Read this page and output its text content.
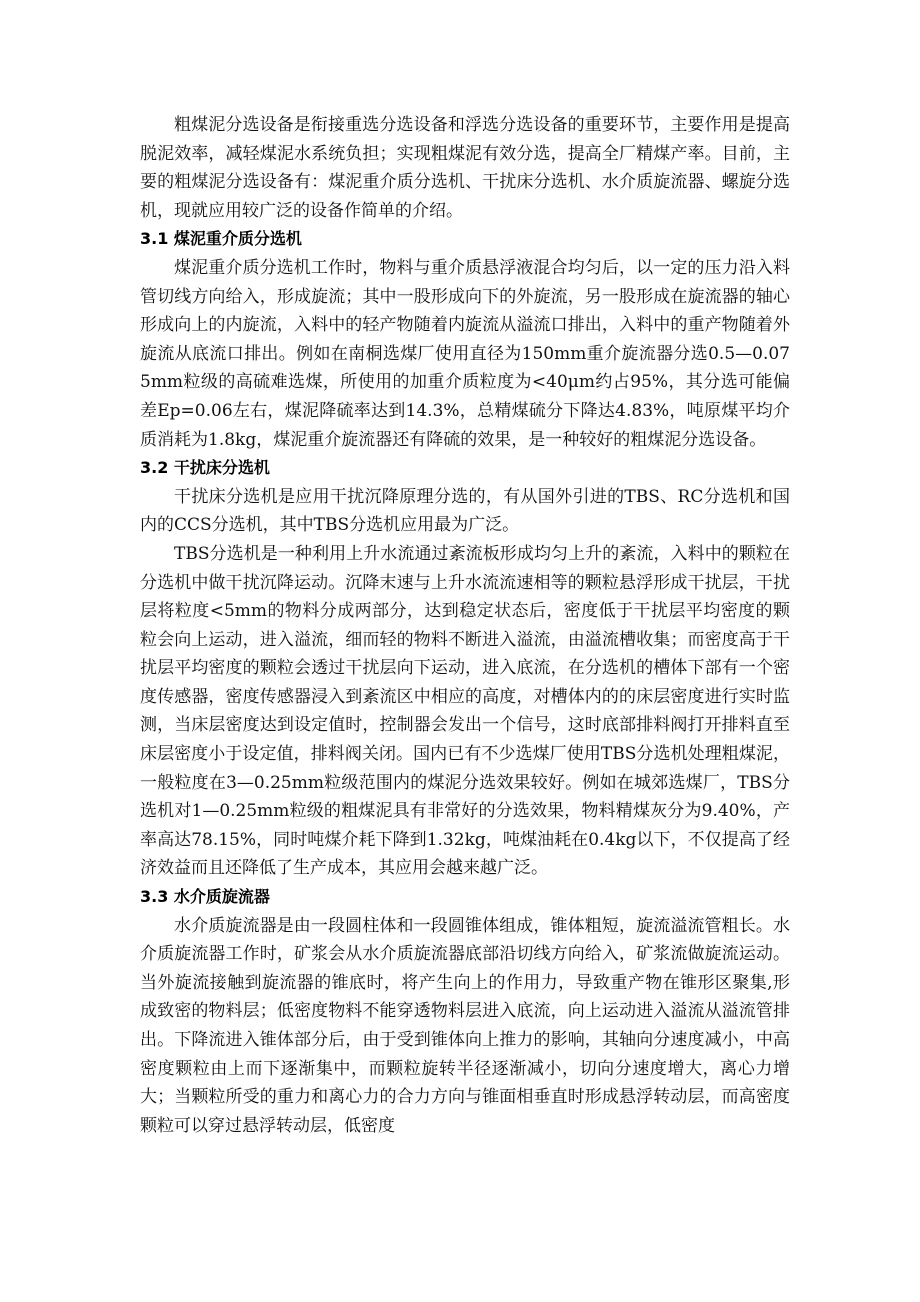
粗煤泥分选设备是衔接重选分选设备和浮选分选设备的重要环节，主要作用是提高脱泥效率，减轻煤泥水系统负担；实现粗煤泥有效分选，提高全厂精煤产率。目前，主要的粗煤泥分选设备有：煤泥重介质分选机、干扰床分选机、水介质旋流器、螺旋分选机，现就应用较广泛的设备作简单的介绍。

3.1 煤泥重介质分选机

煤泥重介质分选机工作时，物料与重介质悬浮液混合均匀后，以一定的压力沿入料管切线方向给入，形成旋流；其中一股形成向下的外旋流，另一股形成在旋流器的轴心形成向上的内旋流，入料中的轻产物随着内旋流从溢流口排出，入料中的重产物随着外旋流从底流口排出。例如在南桐选煤厂使用直径为150mm重介旋流器分选0.5—0.075mm粒级的高硫难选煤，所使用的加重介质粒度为<40μm约占95%，其分选可能偏差Ep=0.06左右，煤泥降硫率达到14.3%，总精煤硫分下降达4.83%，吨原煤平均介质消耗为1.8kg，煤泥重介旋流器还有降硫的效果，是一种较好的粗煤泥分选设备。

3.2 干扰床分选机

干扰床分选机是应用干扰沉降原理分选的，有从国外引进的TBS、RC分选机和国内的CCS分选机，其中TBS分选机应用最为广泛。

TBS分选机是一种利用上升水流通过紊流板形成均匀上升的紊流，入料中的颗粒在分选机中做干扰沉降运动。沉降末速与上升水流流速相等的颗粒悬浮形成干扰层，干扰层将粒度<5mm的物料分成两部分，达到稳定状态后，密度低于干扰层平均密度的颗粒会向上运动，进入溢流，细而轻的物料不断进入溢流，由溢流槽收集；而密度高于干扰层平均密度的颗粒会透过干扰层向下运动，进入底流，在分选机的槽体下部有一个密度传感器，密度传感器浸入到紊流区中相应的高度，对槽体内的的床层密度进行实时监测，当床层密度达到设定值时，控制器会发出一个信号，这时底部排料阀打开排料直至床层密度小于设定值，排料阀关闭。国内已有不少选煤厂使用TBS分选机处理粗煤泥，一般粒度在3—0.25mm粒级范围内的煤泥分选效果较好。例如在城郊选煤厂，TBS分选机对1—0.25mm粒级的粗煤泥具有非常好的分选效果，物料精煤灰分为9.40%，产率高达78.15%，同时吨煤介耗下降到1.32kg，吨煤油耗在0.4kg以下，不仅提高了经济效益而且还降低了生产成本，其应用会越来越广泛。

3.3 水介质旋流器

水介质旋流器是由一段圆柱体和一段圆锥体组成，锥体粗短，旋流溢流管粗长。水介质旋流器工作时，矿浆会从水介质旋流器底部沿切线方向给入，矿浆流做旋流运动。当外旋流接触到旋流器的锥底时，将产生向上的作用力，导致重产物在锥形区聚集,形成致密的物料层；低密度物料不能穿透物料层进入底流，向上运动进入溢流从溢流管排出。下降流进入锥体部分后，由于受到锥体向上推力的影响，其轴向分速度减小，中高密度颗粒由上而下逐渐集中，而颗粒旋转半径逐渐减小，切向分速度增大，离心力增大；当颗粒所受的重力和离心力的合力方向与锥面相垂直时形成悬浮转动层，而高密度颗粒可以穿过悬浮转动层，低密度
